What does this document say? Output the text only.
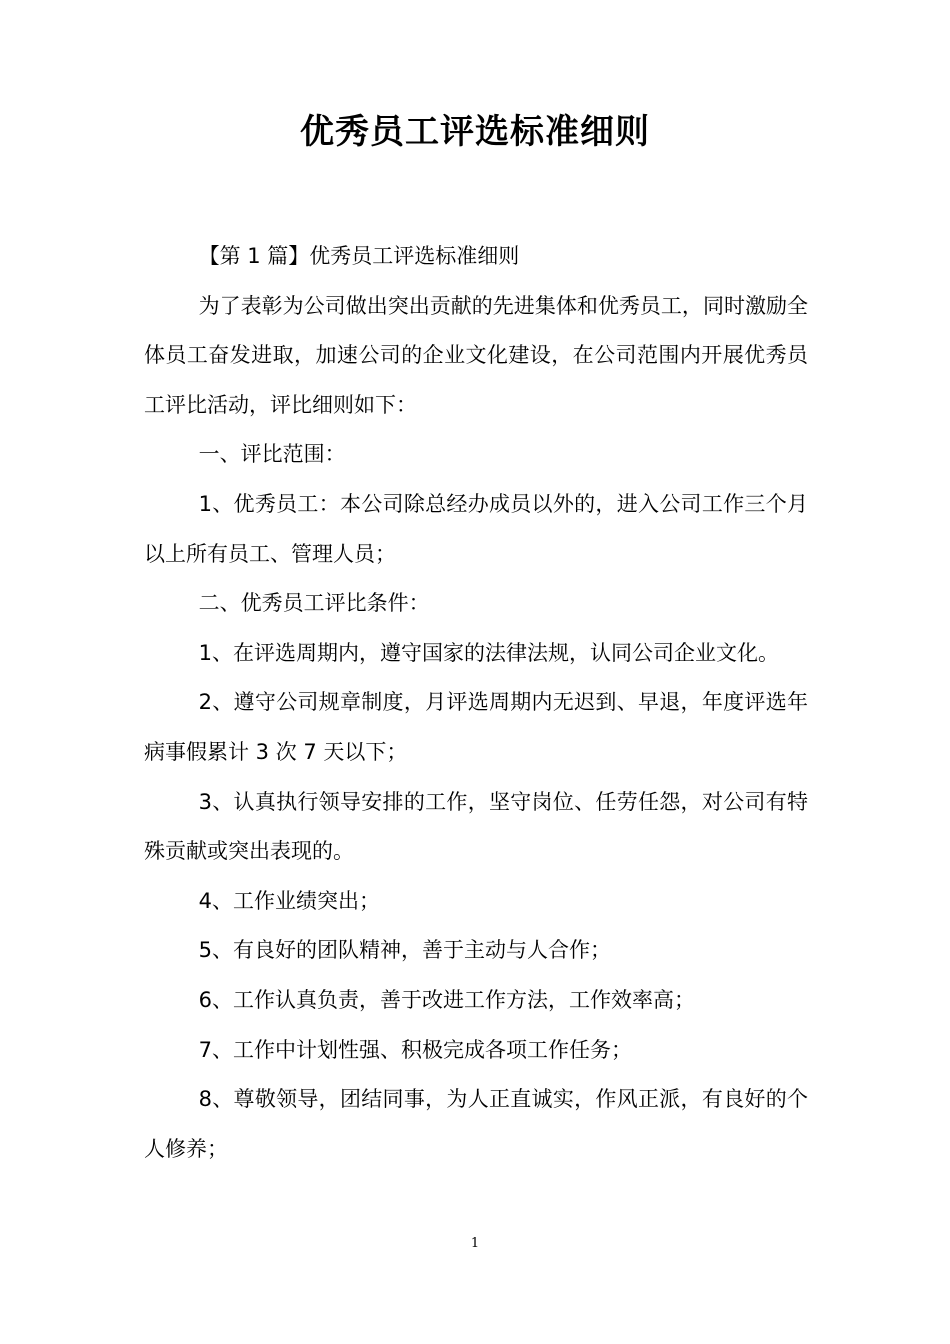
优秀员工评选标准细则

【第 1 篇】优秀员工评选标准细则

为了表彰为公司做出突出贡献的先进集体和优秀员工，同时激励全体员工奋发进取，加速公司的企业文化建设，在公司范围内开展优秀员工评比活动，评比细则如下：

一、评比范围：

1、优秀员工：本公司除总经办成员以外的，进入公司工作三个月以上所有员工、管理人员；

二、优秀员工评比条件：

1、在评选周期内，遵守国家的法律法规，认同公司企业文化。

2、遵守公司规章制度，月评选周期内无迟到、早退，年度评选年病事假累计 3 次 7 天以下；

3、认真执行领导安排的工作，坚守岗位、任劳任怨，对公司有特殊贡献或突出表现的。

4、工作业绩突出；

5、有良好的团队精神，善于主动与人合作；

6、工作认真负责，善于改进工作方法，工作效率高；

7、工作中计划性强、积极完成各项工作任务；

8、尊敬领导，团结同事，为人正直诚实，作风正派，有良好的个人修养；

1
